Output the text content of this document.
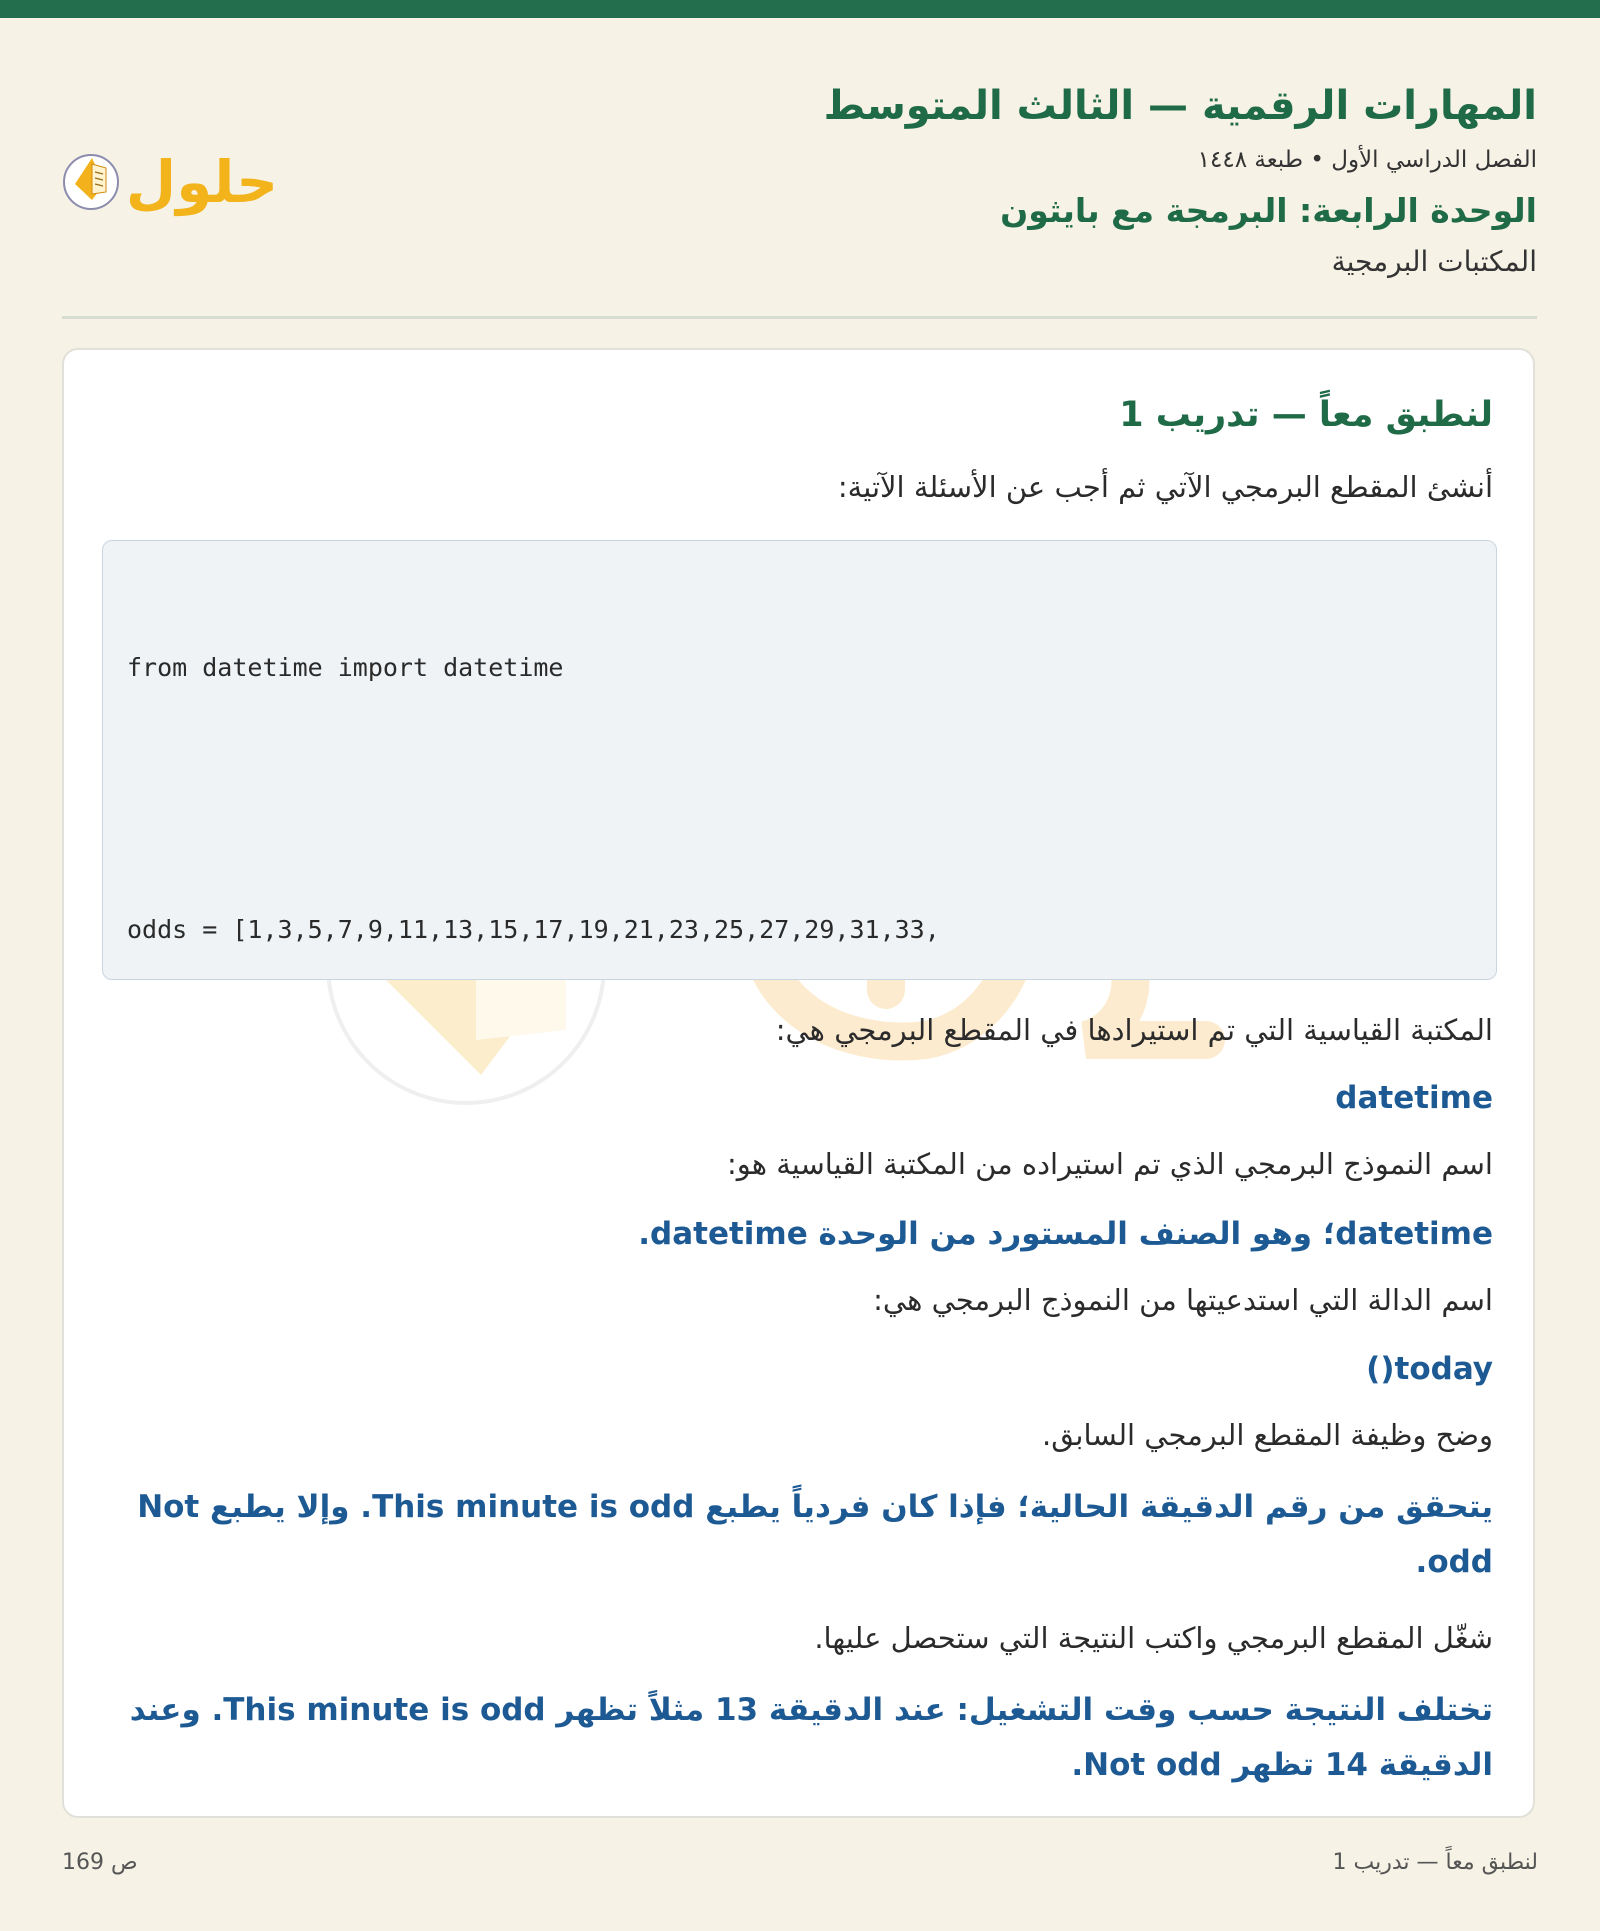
المهارات الرقمية — الثالث المتوسط
الفصل الدراسي الأول • طبعة ١٤٤٨
الوحدة الرابعة: البرمجة مع بايثون
المكتبات البرمجية
حلول
لنطبق معاً — تدريب 1
أنشئ المقطع البرمجي الآتي ثم أجب عن الأسئلة الآتية:

from datetime import datetime

odds = [1,3,5,7,9,11,13,15,17,19,21,23,25,27,29,31,33,

المكتبة القياسية التي تم استيرادها في المقطع البرمجي هي:
datetime
اسم النموذج البرمجي الذي تم استيراده من المكتبة القياسية هو:
datetime؛ وهو الصنف المستورد من الوحدة datetime.
اسم الدالة التي استدعيتها من النموذج البرمجي هي:
today()
وضح وظيفة المقطع البرمجي السابق.
يتحقق من رقم الدقيقة الحالية؛ فإذا كان فردياً يطبع This minute is odd. وإلا يطبع Not odd.
شغّل المقطع البرمجي واكتب النتيجة التي ستحصل عليها.
تختلف النتيجة حسب وقت التشغيل: عند الدقيقة 13 مثلاً تظهر This minute is odd. وعند الدقيقة 14 تظهر Not odd.
ص 169	لنطبق معاً — تدريب 1
